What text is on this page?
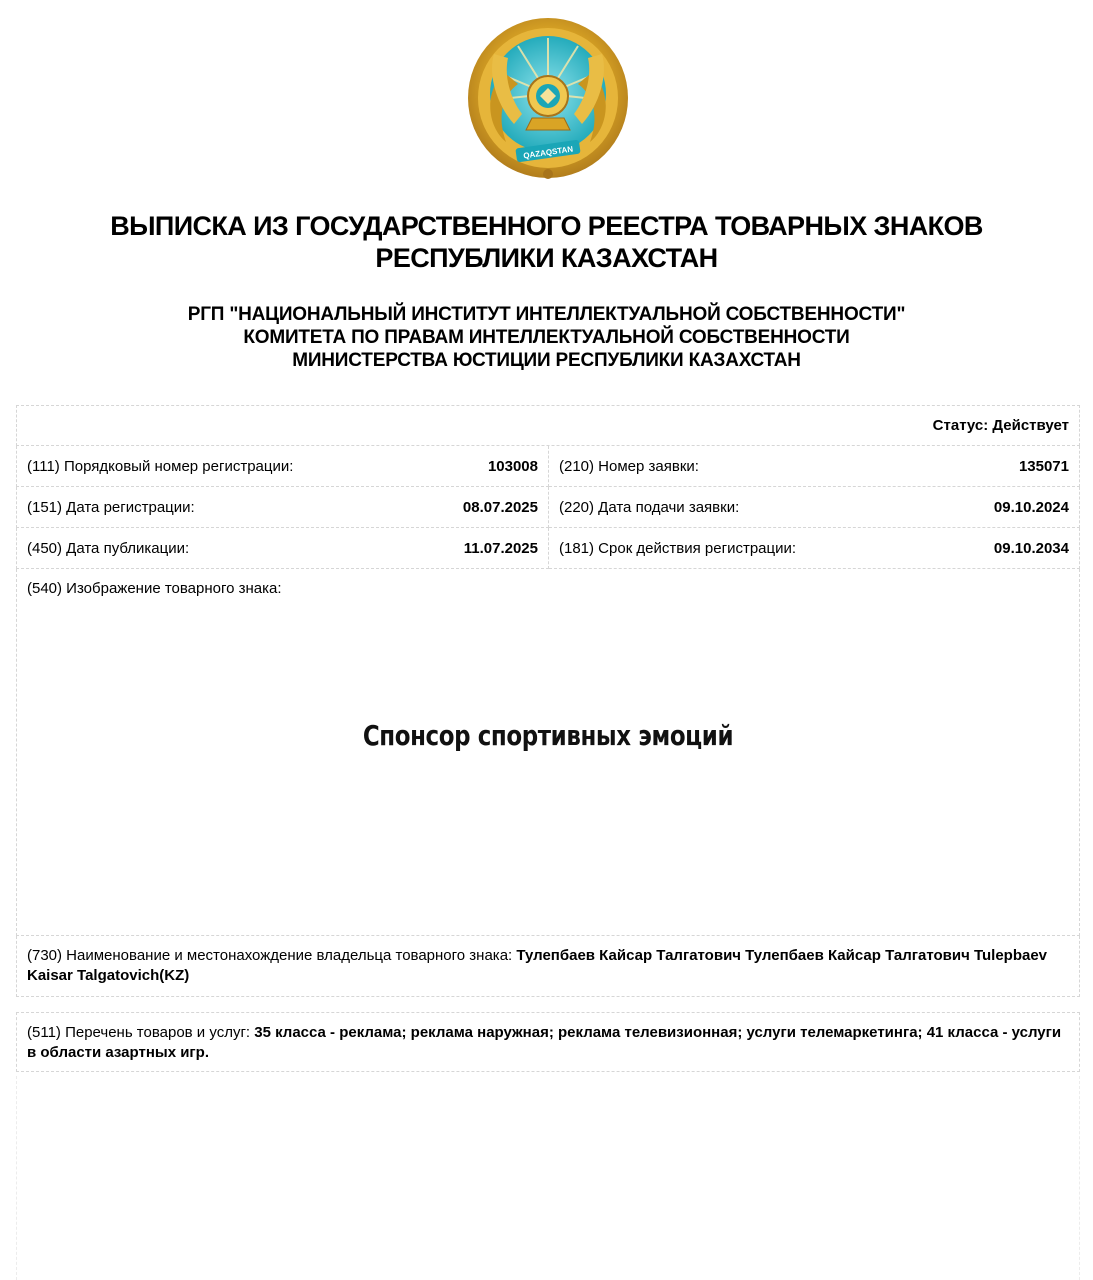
QAZAQSTAN
ВЫПИСКА ИЗ ГОСУДАРСТВЕННОГО РЕЕСТРА ТОВАРНЫХ ЗНАКОВ
РЕСПУБЛИКИ КАЗАХСТАН
РГП "НАЦИОНАЛЬНЫЙ ИНСТИТУТ ИНТЕЛЛЕКТУАЛЬНОЙ СОБСТВЕННОСТИ"
КОМИТЕТА ПО ПРАВАМ ИНТЕЛЛЕКТУАЛЬНОЙ СОБСТВЕННОСТИ
МИНИСТЕРСТВА ЮСТИЦИИ РЕСПУБЛИКИ КАЗАХСТАН
Статус: Действует
(111) Порядковый номер регистрации:	103008 (210) Номер заявки:	135071
(151) Дата регистрации:	08.07.2025 (220) Дата подачи заявки:	09.10.2024
(450) Дата публикации:	11.07.2025 (181) Срок действия регистрации:	09.10.2034
(540) Изображение товарного знака:
Спонсор спортивных эмоций
(730) Наименование и местонахождение владельца товарного знака: Тулепбаев Кайсар Талгатович Тулепбаев Кайсар Талгатович Tulepbaev Kaisar Talgatovich(KZ)
(511) Перечень товаров и услуг: 35 класса - реклама; реклама наружная; реклама телевизионная; услуги телемаркетинга; 41 класса - услуги в области азартных игр.
